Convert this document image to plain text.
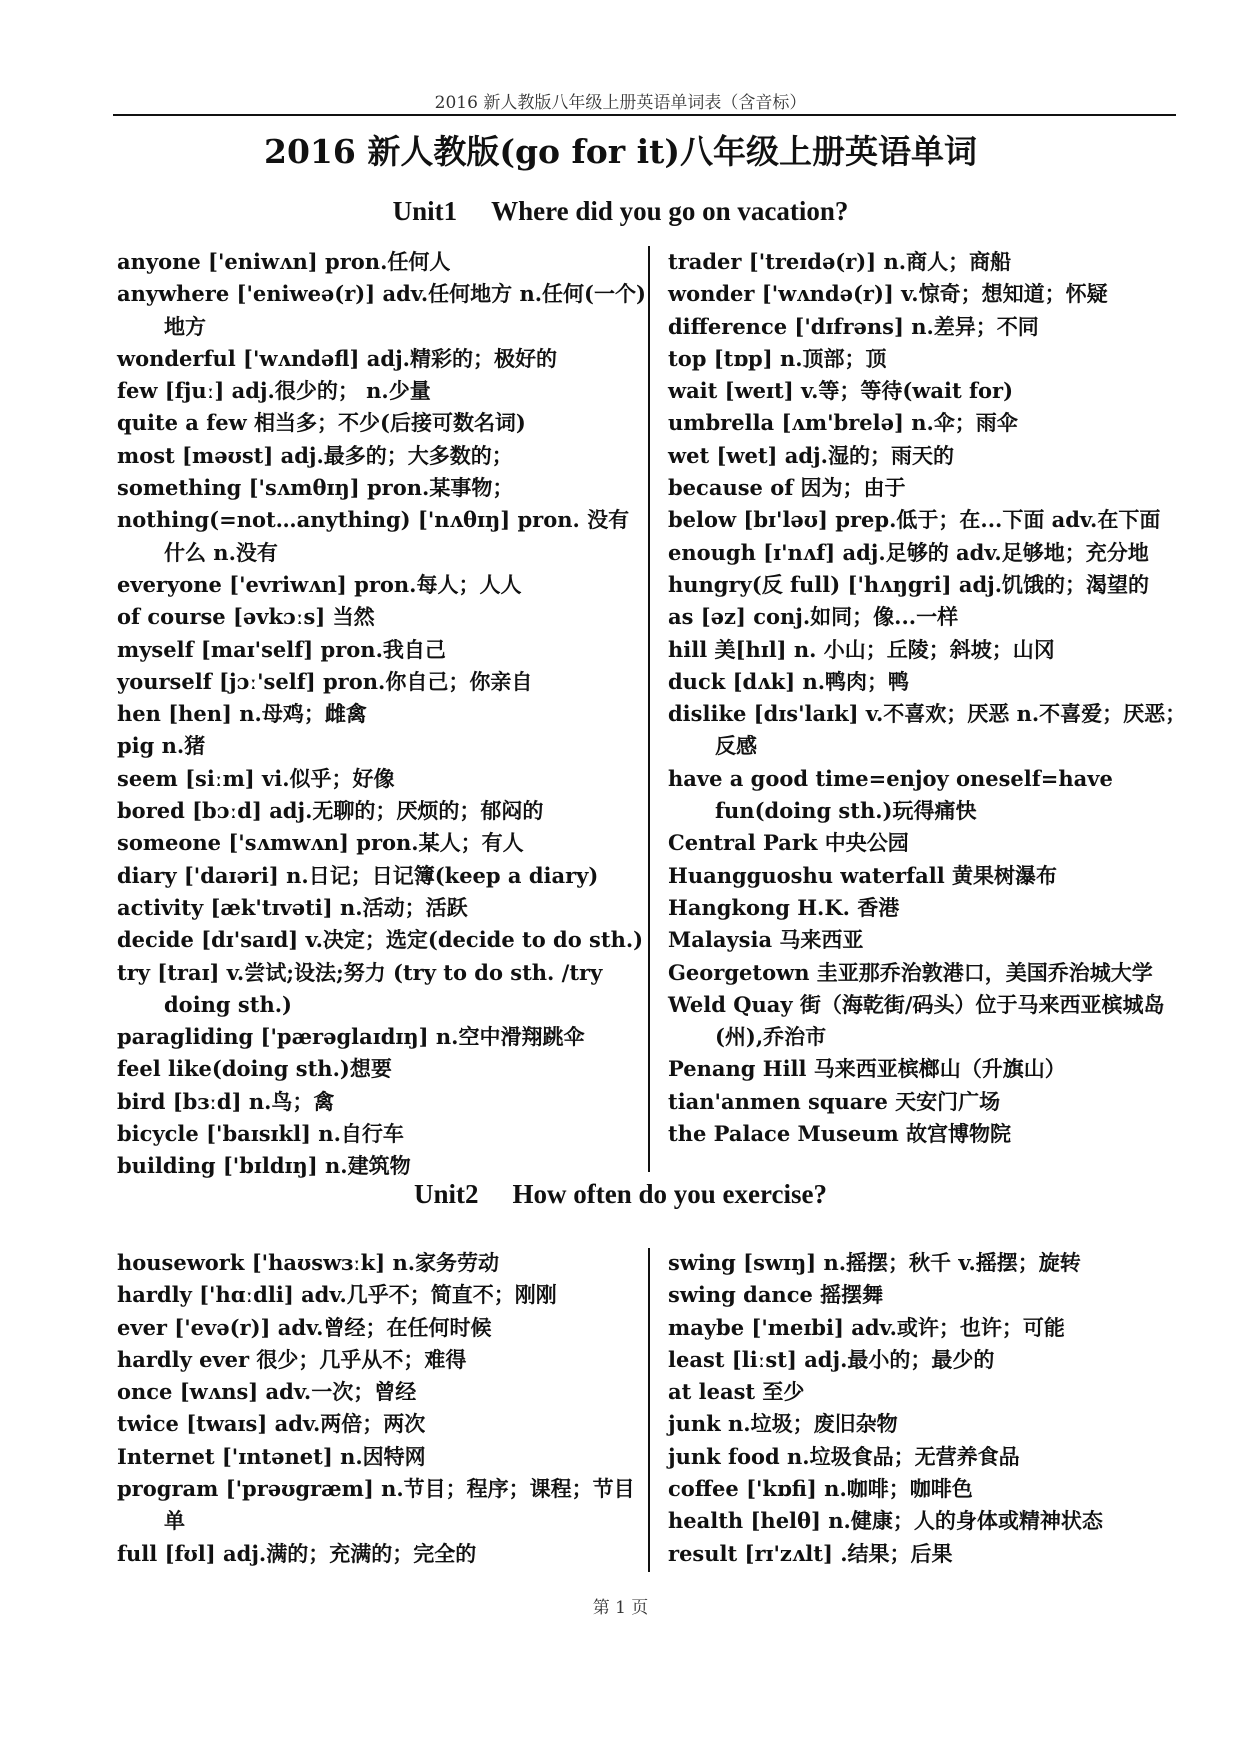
2016 新人教版八年级上册英语单词表（含音标）
2016 新人教版(go for it)八年级上册英语单词
Unit1 Where did you go on vacation?
anyone ['eniwʌn] pron.任何人
anywhere ['eniweə(r)] adv.任何地方 n.任何(一个)地方
wonderful ['wʌndəfl] adj.精彩的；极好的
few [fjuː] adj.很少的； n.少量
quite a few 相当多；不少(后接可数名词)
most [məʊst] adj.最多的；大多数的；
something ['sʌmθɪŋ] pron.某事物；
nothing(=not…anything) ['nʌθɪŋ] pron. 没有什么 n.没有
everyone ['evriwʌn] pron.每人；人人
of course [əvkɔːs] 当然
myself [maɪ'self] pron.我自己
yourself [jɔː'self] pron.你自己；你亲自
hen [hen] n.母鸡；雌禽
pig n.猪
seem [siːm] vi.似乎；好像
bored [bɔːd] adj.无聊的；厌烦的；郁闷的
someone ['sʌmwʌn] pron.某人；有人
diary ['daɪəri] n.日记；日记簿(keep a diary)
activity [æk'tɪvəti] n.活动；活跃
decide [dɪ'saɪd] v.决定；选定(decide to do sth.)
try [traɪ] v.尝试;设法;努力 (try to do sth. /try doing sth.)
paragliding ['pærəglaɪdɪŋ] n.空中滑翔跳伞
feel like(doing sth.)想要
bird [bɜːd] n.鸟；禽
bicycle ['baɪsɪkl] n.自行车
building ['bɪldɪŋ] n.建筑物
trader ['treɪdə(r)] n.商人；商船
wonder ['wʌndə(r)] v.惊奇；想知道；怀疑
difference ['dɪfrəns] n.差异；不同
top [tɒp] n.顶部；顶
wait [weɪt] v.等；等待(wait for)
umbrella [ʌm'brelə] n.伞；雨伞
wet [wet] adj.湿的；雨天的
because of 因为；由于
below [bɪ'ləʊ] prep.低于；在...下面 adv.在下面
enough [ɪ'nʌf] adj.足够的 adv.足够地；充分地
hungry(反 full) ['hʌŋgri] adj.饥饿的；渴望的
as [əz] conj.如同；像...一样
hill 美[hɪl] n. 小山；丘陵；斜坡；山冈
duck [dʌk] n.鸭肉；鸭
dislike [dɪs'laɪk] v.不喜欢；厌恶 n.不喜爱；厌恶；反感
have a good time=enjoy oneself=have fun(doing sth.)玩得痛快
Central Park 中央公园
Huangguoshu waterfall 黄果树瀑布
Hangkong H.K. 香港
Malaysia 马来西亚
Georgetown 圭亚那乔治敦港口，美国乔治城大学
Weld Quay 街（海乾街/码头）位于马来西亚槟城岛(州),乔治市
Penang Hill 马来西亚槟榔山（升旗山）
tian'anmen square 天安门广场
the Palace Museum 故宫博物院
Unit2 How often do you exercise?
housework ['haʊswɜːk] n.家务劳动
hardly ['hɑːdli] adv.几乎不；简直不；刚刚
ever ['evə(r)] adv.曾经；在任何时候
hardly ever 很少；几乎从不；难得
once [wʌns] adv.一次；曾经
twice [twaɪs] adv.两倍；两次
Internet ['ɪntənet] n.因特网
program ['prəʊgræm] n.节目；程序；课程；节目单
full [fʊl] adj.满的；充满的；完全的
swing [swɪŋ] n.摇摆；秋千 v.摇摆；旋转
swing dance 摇摆舞
maybe ['meɪbi] adv.或许；也许；可能
least [liːst] adj.最小的；最少的
at least 至少
junk n.垃圾；废旧杂物
junk food n.垃圾食品；无营养食品
coffee ['kɒfi] n.咖啡；咖啡色
health [helθ] n.健康；人的身体或精神状态
result [rɪ'zʌlt] .结果；后果
第 1 页
